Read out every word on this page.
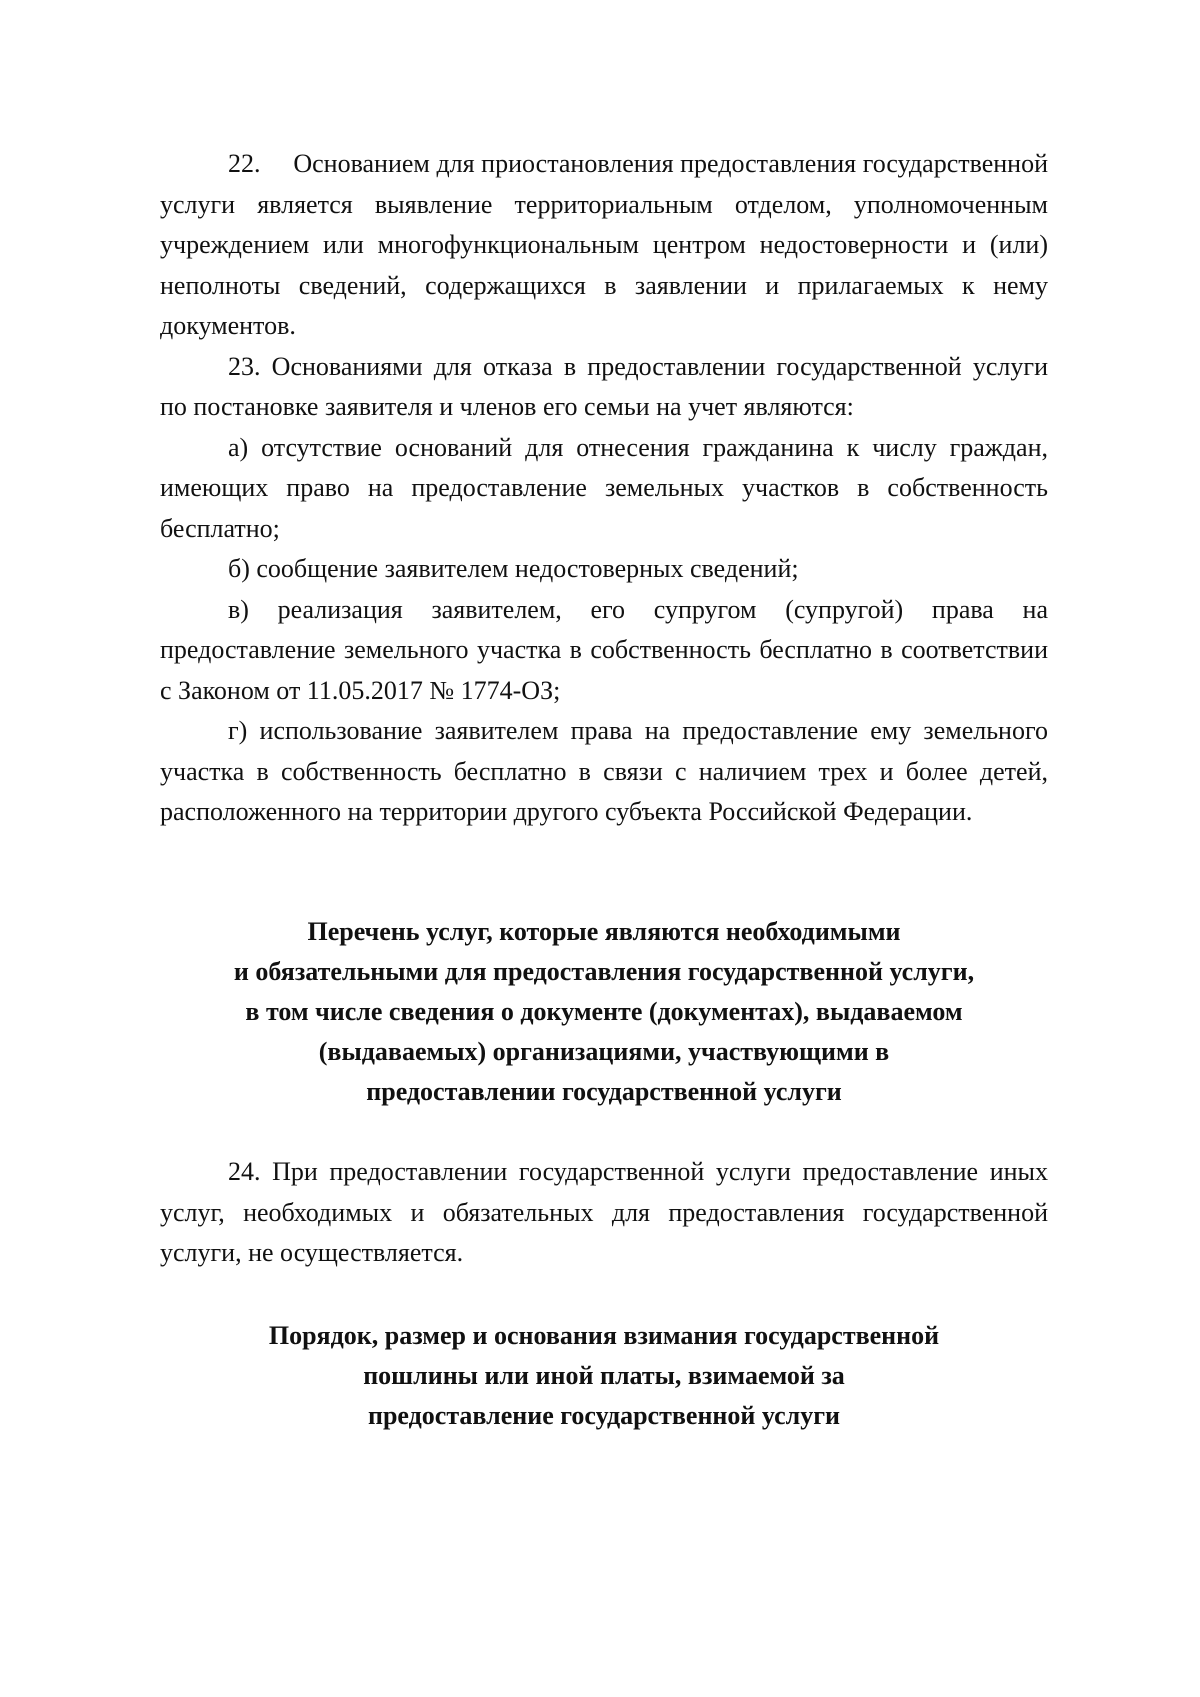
22.     Основанием для приостановления предоставления государственной услуги является выявление территориальным отделом, уполномоченным учреждением или многофункциональным центром недостоверности и (или) неполноты сведений, содержащихся в заявлении и прилагаемых к нему документов.

23. Основаниями для отказа в предоставлении государственной услуги по постановке заявителя и членов его семьи на учет являются:

а) отсутствие оснований для отнесения гражданина к числу граждан, имеющих право на предоставление земельных участков в собственность бесплатно;

б) сообщение заявителем недостоверных сведений;

в) реализация заявителем, его супругом (супругой) права на предоставление земельного участка в собственность бесплатно в соответствии с Законом от 11.05.2017 № 1774-ОЗ;

г) использование заявителем права на предоставление ему земельного участка в собственность бесплатно в связи с наличием трех и более детей, расположенного на территории другого субъекта Российской Федерации.

Перечень услуг, которые являются необходимыми
и обязательными для предоставления государственной услуги,
в том числе сведения о документе (документах), выдаваемом
(выдаваемых) организациями, участвующими в
предоставлении государственной услуги

24. При предоставлении государственной услуги предоставление иных услуг, необходимых и обязательных для предоставления государственной услуги, не осуществляется.

Порядок, размер и основания взимания государственной
пошлины или иной платы, взимаемой за
предоставление государственной услуги
